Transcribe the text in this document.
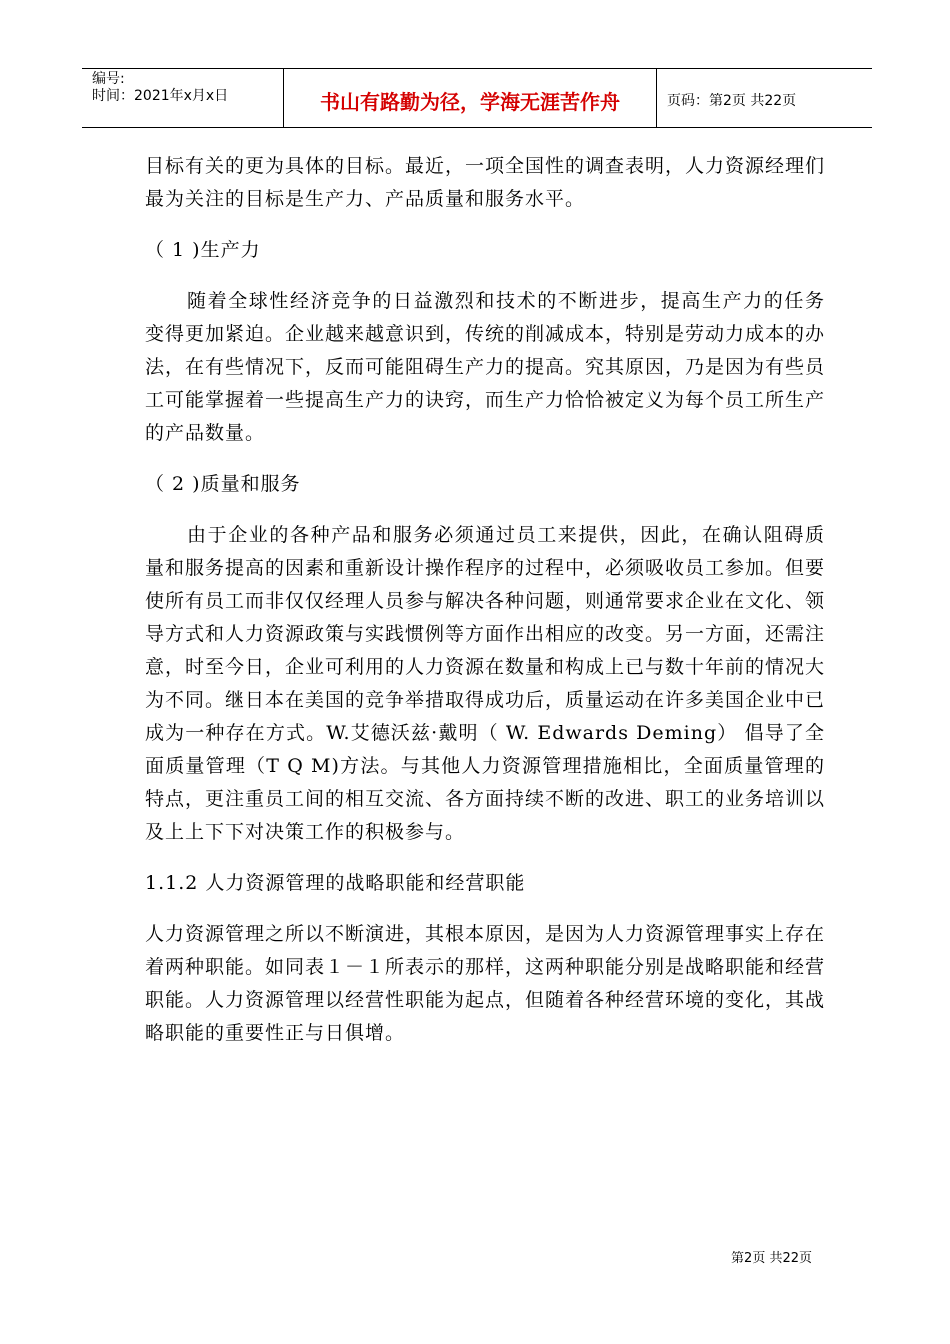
编号:
时间：2021年x月x日	书山有路勤为径，学海无涯苦作舟	页码：第2页 共22页

目标有关的更为具体的目标。最近，一项全国性的调查表明，人力资源经理们最为关注的目标是生产力、产品质量和服务水平。

（ 1 )生产力

随着全球性经济竞争的日益激烈和技术的不断进步，提高生产力的任务变得更加紧迫。企业越来越意识到，传统的削减成本，特别是劳动力成本的办法，在有些情况下，反而可能阻碍生产力的提高。究其原因，乃是因为有些员工可能掌握着一些提高生产力的诀窍，而生产力恰恰被定义为每个员工所生产的产品数量。

（ 2 )质量和服务

由于企业的各种产品和服务必须通过员工来提供，因此，在确认阻碍质量和服务提高的因素和重新设计操作程序的过程中，必须吸收员工参加。但要使所有员工而非仅仅经理人员参与解决各种问题，则通常要求企业在文化、领导方式和人力资源政策与实践惯例等方面作出相应的改变。另一方面，还需注意，时至今日，企业可利用的人力资源在数量和构成上已与数十年前的情况大为不同。继日本在美国的竞争举措取得成功后，质量运动在许多美国企业中已成为一种存在方式。W.艾德沃兹·戴明（ W. Edwards Deming） 倡导了全面质量管理（T Q M)方法。与其他人力资源管理措施相比，全面质量管理的特点，更注重员工间的相互交流、各方面持续不断的改进、职工的业务培训以及上上下下对决策工作的积极参与。

1.1.2 人力资源管理的战略职能和经营职能

人力资源管理之所以不断演进，其根本原因，是因为人力资源管理事实上存在着两种职能。如同表１－１所表示的那样，这两种职能分别是战略职能和经营职能。人力资源管理以经营性职能为起点，但随着各种经营环境的变化，其战略职能的重要性正与日俱增。

第2页 共22页
